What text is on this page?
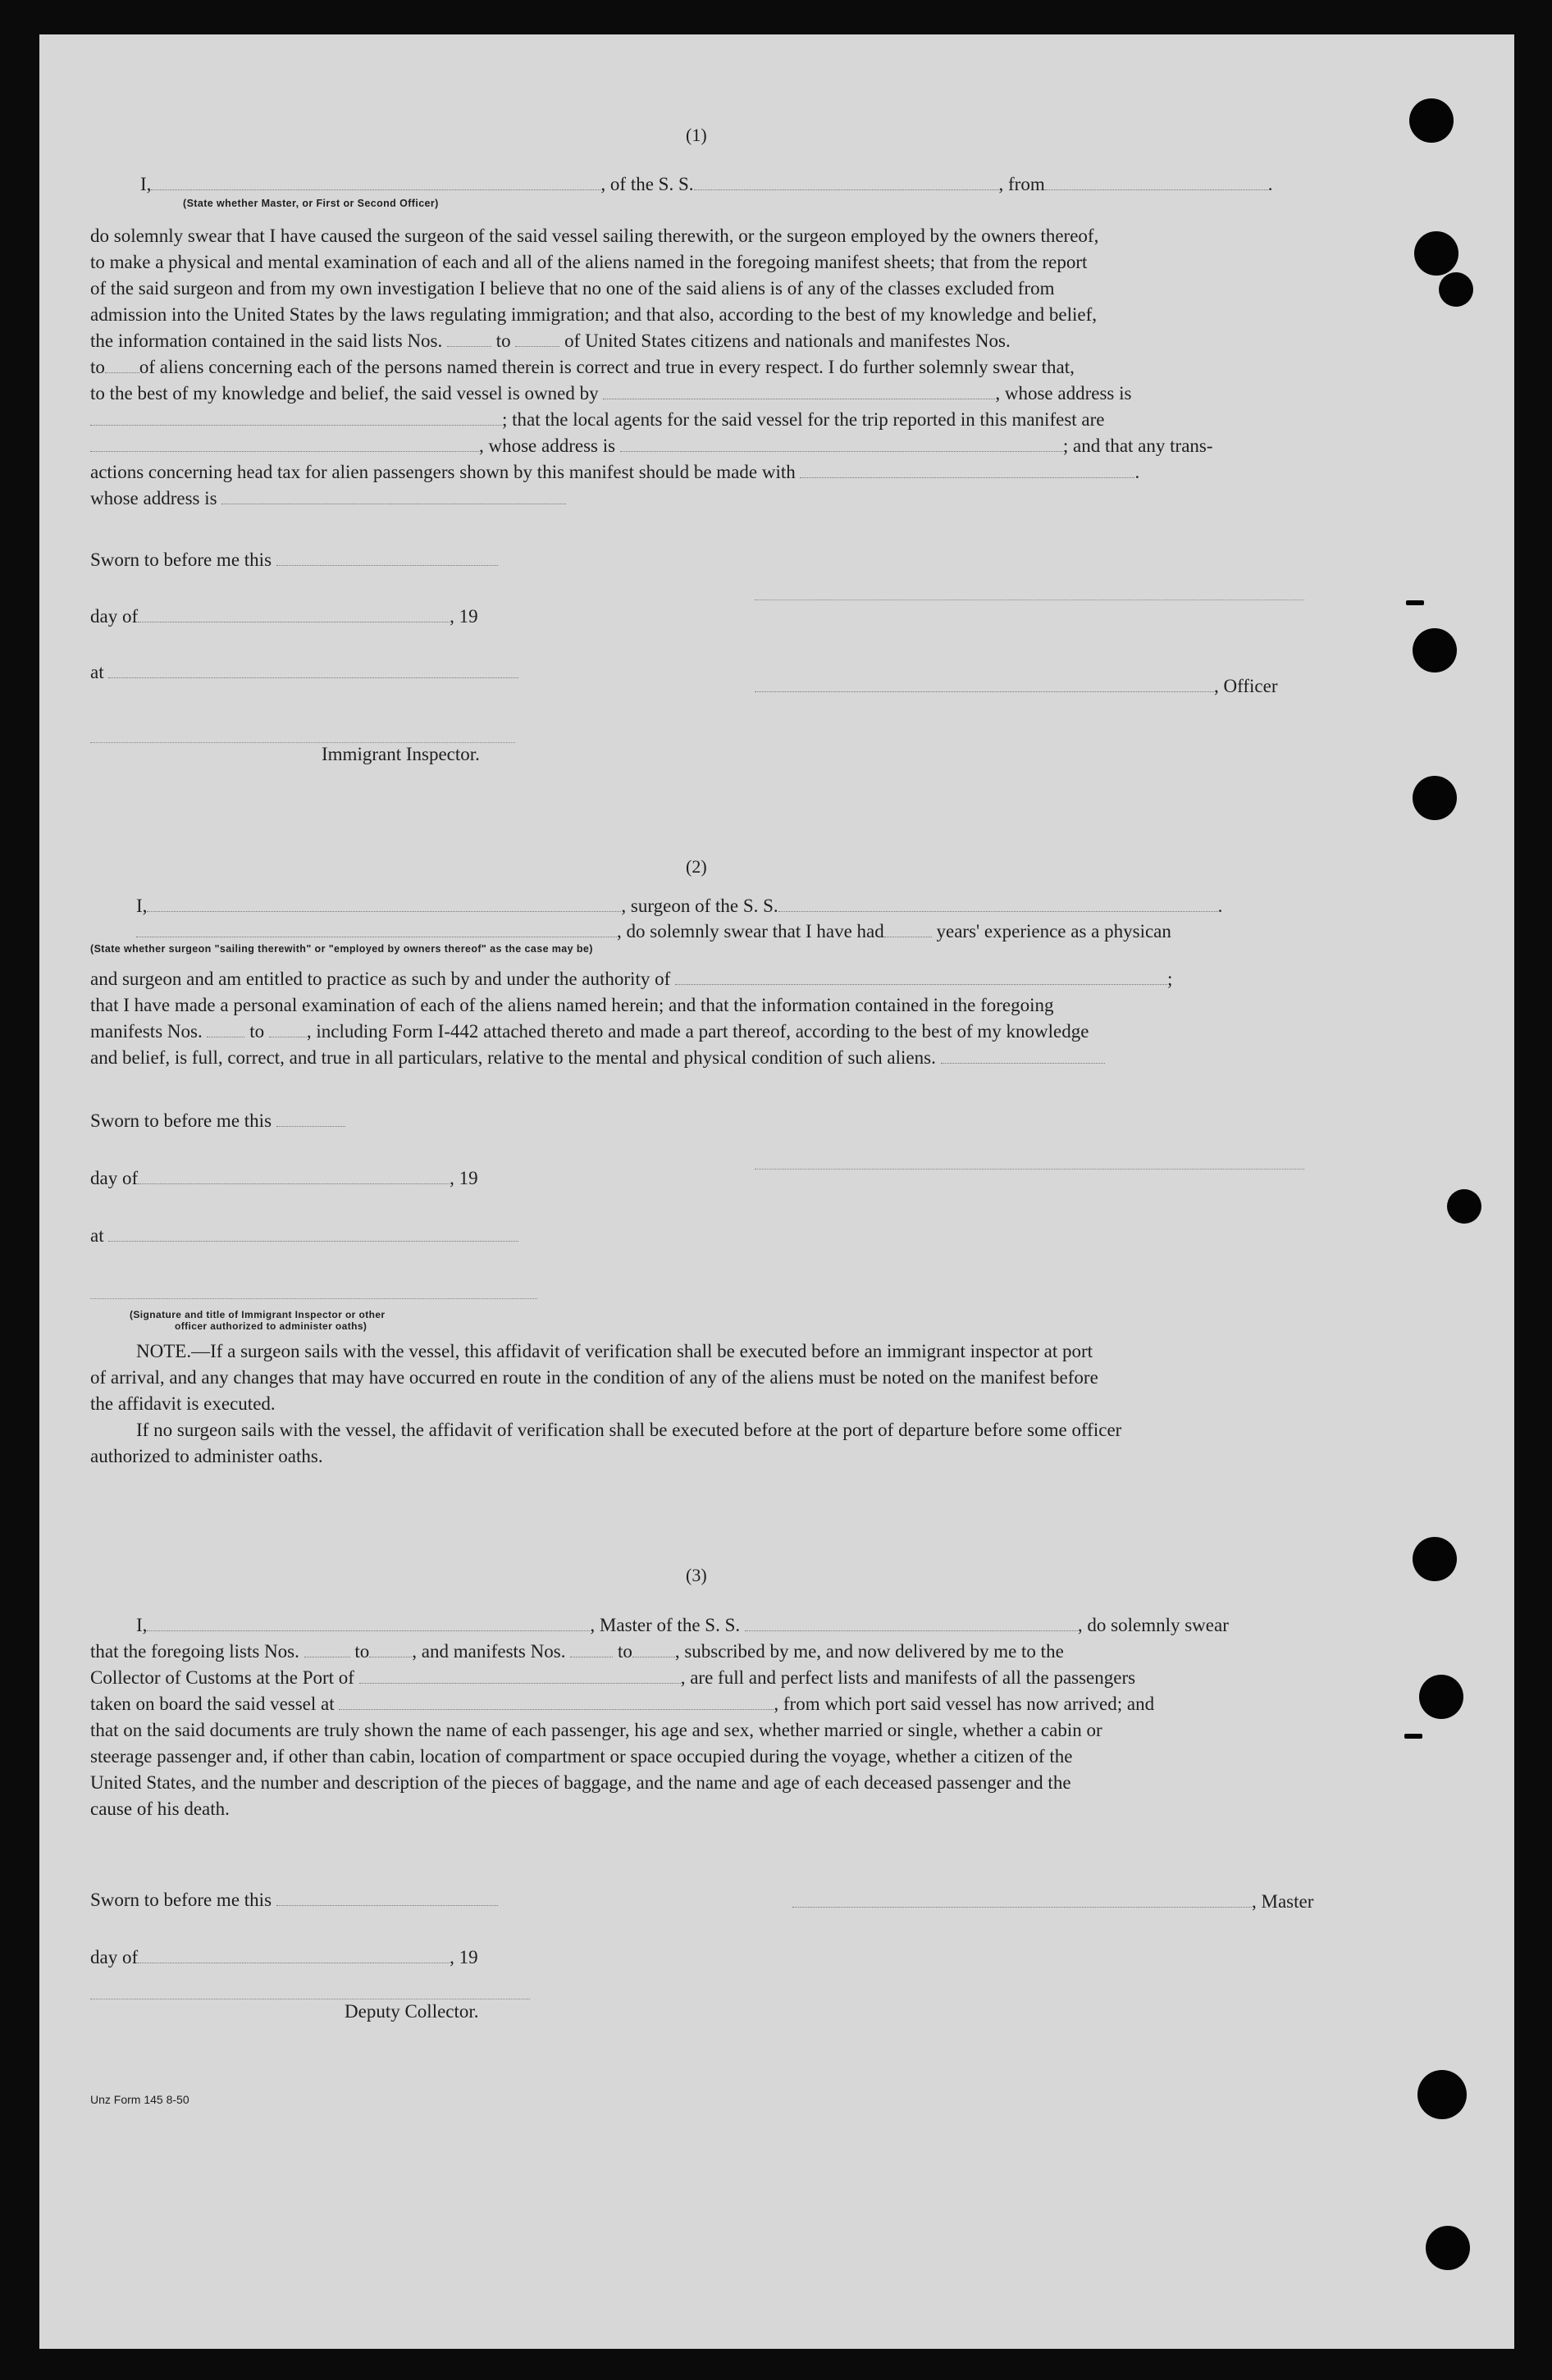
(1)
I,	, of the S. S.	, from	.
(State whether Master, or First or Second Officer)
do solemnly swear that I have caused the surgeon of the said vessel sailing therewith, or the surgeon employed by the owners thereof,
to make a physical and mental examination of each and all of the aliens named in the foregoing manifest sheets; that from the report
of the said surgeon and from my own investigation I believe that no one of the said aliens is of any of the classes excluded from
admission into the United States by the laws regulating immigration; and that also, according to the best of my knowledge and belief,
the information contained in the said lists Nos.	to	of United States citizens and nationals and manifestes Nos.
to of aliens concerning each of the persons named therein is correct and true in every respect. I do further solemnly swear that,
to the best of my knowledge and belief, the said vessel is owned by	, whose address is
; that the local agents for the said vessel for the trip reported in this manifest are
, whose address is	; and that any trans-
actions concerning head tax for alien passengers shown by this manifest should be made with	.
whose address is
Sworn to before me this
day of	, 19
at
, Officer
Immigrant Inspector.
(2)
I,	, surgeon of the S. S.	.
, do solemnly swear that I have had	years' experience as a physican
(State whether surgeon "sailing therewith" or "employed by owners thereof" as the case may be)
and surgeon and am entitled to practice as such by and under the authority of	;
that I have made a personal examination of each of the aliens named herein; and that the information contained in the foregoing
manifests Nos.	to , including Form I-442 attached thereto and made a part thereof, according to the best of my knowledge
and belief, is full, correct, and true in all particulars, relative to the mental and physical condition of such aliens.
Sworn to before me this
day of	, 19
at
(Signature and title of Immigrant Inspector or other
officer authorized to administer oaths)
NOTE.—If a surgeon sails with the vessel, this affidavit of verification shall be executed before an immigrant inspector at port
of arrival, and any changes that may have occurred en route in the condition of any of the aliens must be noted on the manifest before
the affidavit is executed.
If no surgeon sails with the vessel, the affidavit of verification shall be executed before at the port of departure before some officer
authorized to administer oaths.
(3)
I,	, Master of the S. S.	, do solemnly swear
that the foregoing lists Nos.	to , and manifests Nos.	to , subscribed by me, and now delivered by me to the
Collector of Customs at the Port of	, are full and perfect lists and manifests of all the passengers
taken on board the said vessel at	, from which port said vessel has now arrived; and
that on the said documents are truly shown the name of each passenger, his age and sex, whether married or single, whether a cabin or
steerage passenger and, if other than cabin, location of compartment or space occupied during the voyage, whether a citizen of the
United States, and the number and description of the pieces of baggage, and the name and age of each deceased passenger and the
cause of his death.
Sworn to before me this	, Master
day of	, 19
Deputy Collector.
Unz Form 145 8-50
